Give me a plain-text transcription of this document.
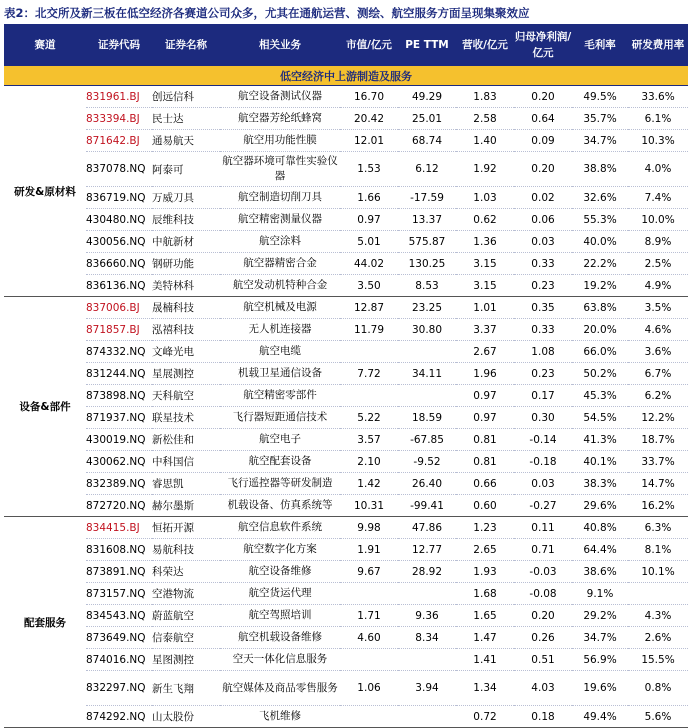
表2：北交所及新三板在低空经济各赛道公司众多，尤其在通航运营、测绘、航空服务方面呈现集聚效应
赛道	证券代码	证券名称	相关业务	市值/亿元	PE TTM	营收/亿元	归母净利润/亿元	毛利率	研发费用率
低空经济中上游制造及服务									
研发&原材料	831961.BJ	创远信科	航空设备测试仪器	16.70	49.29	1.83	0.20	49.5%	33.6%
	833394.BJ	民士达	航空器芳纶纸蜂窝	20.42	25.01	2.58	0.64	35.7%	6.1%
	871642.BJ	通易航天	航空用功能性膜	12.01	68.74	1.40	0.09	34.7%	10.3%
	837078.NQ	阿泰可	航空器环境可靠性实验仪器	1.53	6.12	1.92	0.20	38.8%	4.0%
	836719.NQ	万威刀具	航空制造切削刀具	1.66	-17.59	1.03	0.02	32.6%	7.4%
	430480.NQ	辰维科技	航空精密测量仪器	0.97	13.37	0.62	0.06	55.3%	10.0%
	430056.NQ	中航新材	航空涂料	5.01	575.87	1.36	0.03	40.0%	8.9%
	836660.NQ	钢研功能	航空器精密合金	44.02	130.25	3.15	0.33	22.2%	2.5%
	836136.NQ	美特林科	航空发动机特种合金	3.50	8.53	3.15	0.23	19.2%	4.9%
设备&部件	837006.BJ	晟楠科技	航空机械及电源	12.87	23.25	1.01	0.35	63.8%	3.5%
	871857.BJ	泓禧科技	无人机连接器	11.79	30.80	3.37	0.33	20.0%	4.6%
	874332.NQ	文峰光电	航空电缆			2.67	1.08	66.0%	3.6%
	831244.NQ	星展测控	机载卫星通信设备	7.72	34.11	1.96	0.23	50.2%	6.7%
	873898.NQ	天科航空	航空精密零部件			0.97	0.17	45.3%	6.2%
	871937.NQ	联星技术	飞行器短距通信技术	5.22	18.59	0.97	0.30	54.5%	12.2%
	430019.NQ	新松佳和	航空电子	3.57	-67.85	0.81	-0.14	41.3%	18.7%
	430062.NQ	中科国信	航空配套设备	2.10	-9.52	0.81	-0.18	40.1%	33.7%
	832389.NQ	睿思凯	飞行遥控器等研发制造	1.42	26.40	0.66	0.03	38.3%	14.7%
	872720.NQ	赫尔墨斯	机载设备、仿真系统等	10.31	-99.41	0.60	-0.27	29.6%	16.2%
配套服务	834415.BJ	恒拓开源	航空信息软件系统	9.98	47.86	1.23	0.11	40.8%	6.3%
	831608.NQ	易航科技	航空数字化方案	1.91	12.77	2.65	0.71	64.4%	8.1%
	873891.NQ	科荣达	航空设备维修	9.67	28.92	1.93	-0.03	38.6%	10.1%
	873157.NQ	空港物流	航空货运代理			1.68	-0.08	9.1%	
	834543.NQ	蔚蓝航空	航空驾照培训	1.71	9.36	1.65	0.20	29.2%	4.3%
	873649.NQ	信泰航空	航空机载设备维修	4.60	8.34	1.47	0.26	34.7%	2.6%
	874016.NQ	星图测控	空天一体化信息服务			1.41	0.51	56.9%	15.5%
	832297.NQ	新生飞翔	航空媒体及商品零售服务	1.06	3.94	1.34	4.03	19.6%	0.8%
	874292.NQ	山太股份	飞机维修			0.72	0.18	49.4%	5.6%
